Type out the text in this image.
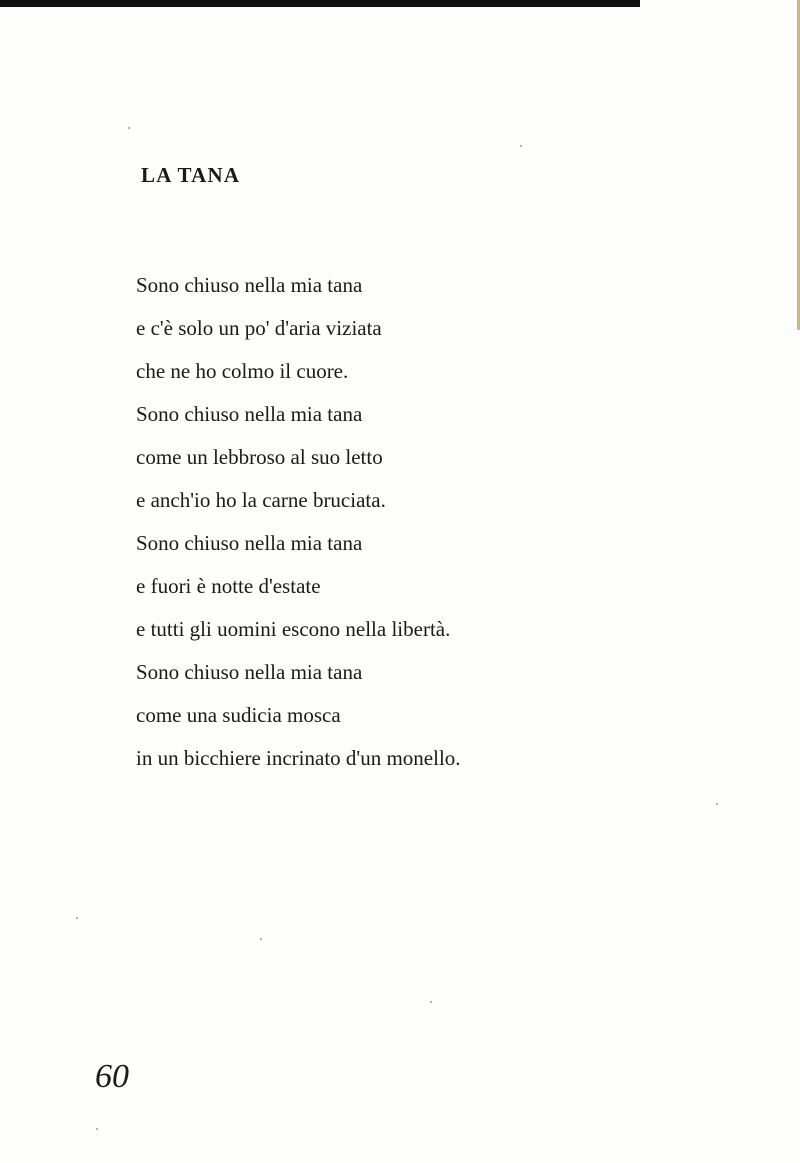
LA TANA
Sono chiuso nella mia tana
e c'è solo un po' d'aria viziata
che ne ho colmo il cuore.
Sono chiuso nella mia tana
come un lebbroso al suo letto
e anch'io ho la carne bruciata.
Sono chiuso nella mia tana
e fuori è notte d'estate
e tutti gli uomini escono nella libertà.
Sono chiuso nella mia tana
come una sudicia mosca
in un bicchiere incrinato d'un monello.
60
